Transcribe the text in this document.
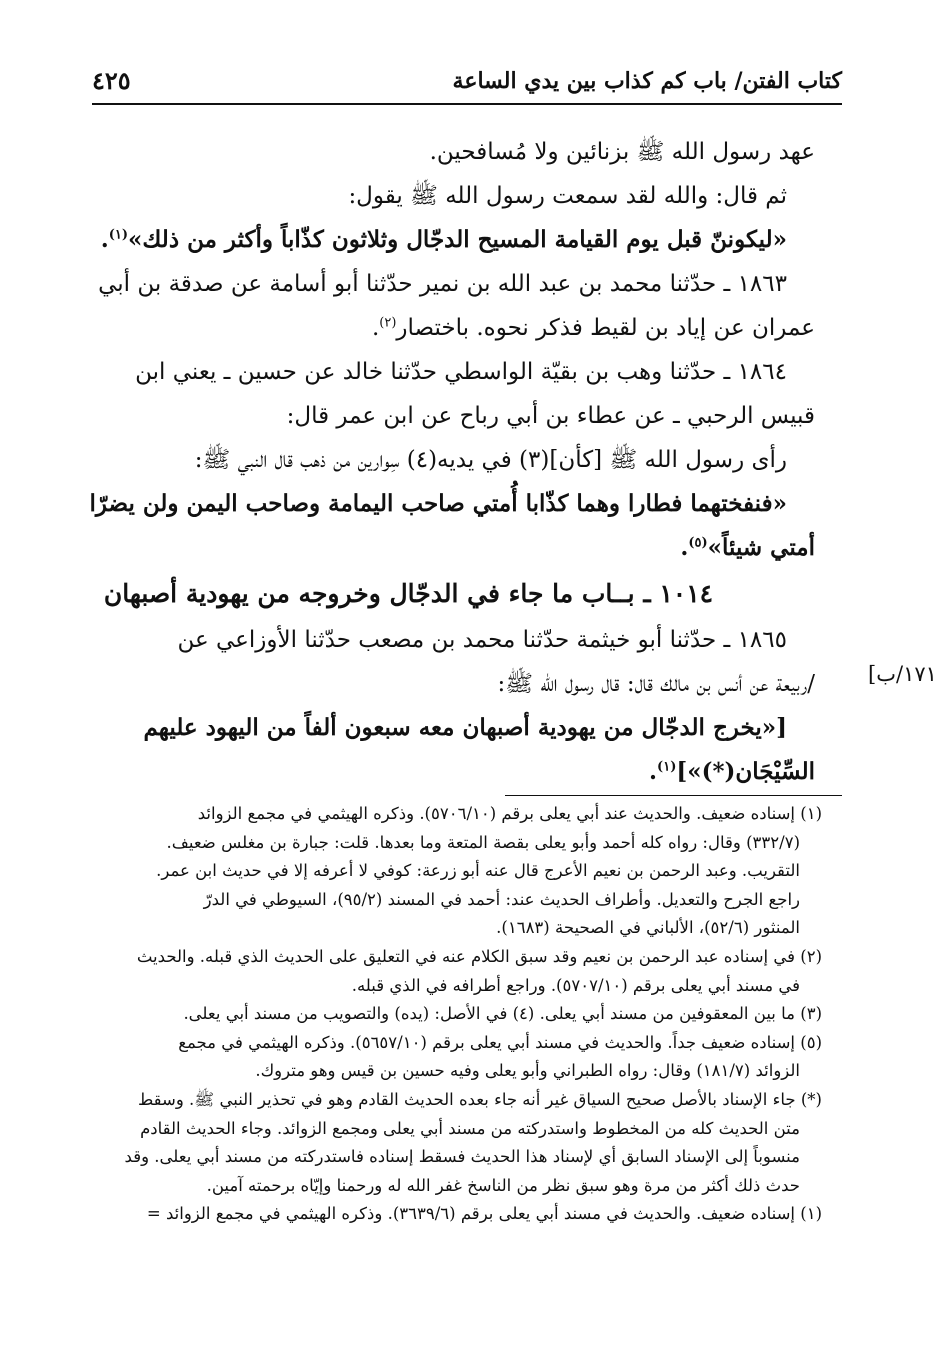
كتاب الفتن/ باب كم كذاب بين يدي الساعة
٤٢٥
[١٧١/ب
عهد رسول الله ﷺ بزنائين ولا مُسافحين.
ثم قال: والله لقد سمعت رسول الله ﷺ يقول:
«ليكوننّ قبل يوم القيامة المسيح الدجّال وثلاثون كذّاباً وأكثر من ذلك»$^{(١)}$.
١٨٦٣ ـ حدّثنا محمد بن عبد الله بن نمير حدّثنا أبو أسامة عن صدقة بن أبي
عمران عن إياد بن لقيط فذكر نحوه. باختصار$^{(٢)}$.
١٨٦٤ ـ حدّثنا وهب بن بقيّة الواسطي حدّثنا خالد عن حسين ـ يعني ابن
قبيس الرحبي ـ عن عطاء بن أبي رباح عن ابن عمر قال:
رأى رسول الله ﷺ [كأن](٣) في يديه(٤) سِوارين من ذهب قال النبي ﷺ:
«فنفختهما فطارا وهما كذّابا أُمتي صاحب اليمامة وصاحب اليمن ولن يضرّا
أمتي شيئاً»$^{(٥)}$.
١٠١٤ ـ بــاب ما جاء في الدجّال وخروجه من يهودية أصبهان
١٨٦٥ ـ حدّثنا أبو خيثمة حدّثنا محمد بن مصعب حدّثنا الأوزاعي عن
/ربيعة عن أنس بن مالك قال: قال رسول الله ﷺ:
[«يخرج الدجّال من يهودية أصبهان معه سبعون ألفاً من اليهود عليهم
السِّيْجَان(*)»]$^{(١)}$.
(١) إسناده ضعيف. والحديث عند أبي يعلى برقم (٥٧٠٦/١٠). وذكره الهيثمي في مجمع الزوائد
(٣٣٢/٧) وقال: رواه كله أحمد وأبو يعلى بقصة المتعة وما بعدها. قلت: جبارة بن مغلس ضعيف.
التقريب. وعبد الرحمن بن نعيم الأعرج قال عنه أبو زرعة: كوفي لا أعرفه إلا في حديث ابن عمر.
راجع الجرح والتعديل. وأطراف الحديث عند: أحمد في المسند (٩٥/٢)، السيوطي في الدرّ
المنثور (٥٢/٦)، الألباني في الصحيحة (١٦٨٣).
(٢) في إسناده عبد الرحمن بن نعيم وقد سبق الكلام عنه في التعليق على الحديث الذي قبله. والحديث
في مسند أبي يعلى برقم (٥٧٠٧/١٠). وراجع أطرافه في الذي قبله.
(٣) ما بين المعقوفين من مسند أبي يعلى. (٤) في الأصل: (يده) والتصويب من مسند أبي يعلى.
(٥) إسناده ضعيف جداً. والحديث في مسند أبي يعلى برقم (٥٦٥٧/١٠). وذكره الهيثمي في مجمع
الزوائد (١٨١/٧) وقال: رواه الطبراني وأبو يعلى وفيه حسين بن قيس وهو متروك.
(*) جاء الإسناد بالأصل صحيح السياق غير أنه جاء بعده الحديث القادم وهو في تحذير النبي ﷺ. وسقط
متن الحديث كله من المخطوط واستدركته من مسند أبي يعلى ومجمع الزوائد. وجاء الحديث القادم
منسوباً إلى الإسناد السابق أي لإسناد هذا الحديث فسقط إسناده فاستدركته من مسند أبي يعلى. وقد
حدث ذلك أكثر من مرة وهو سبق نظر من الناسخ غفر الله له ورحمنا وإيّاه برحمته آمين.
(١) إسناده ضعيف. والحديث في مسند أبي يعلى برقم (٣٦٣٩/٦). وذكره الهيثمي في مجمع الزوائد =
